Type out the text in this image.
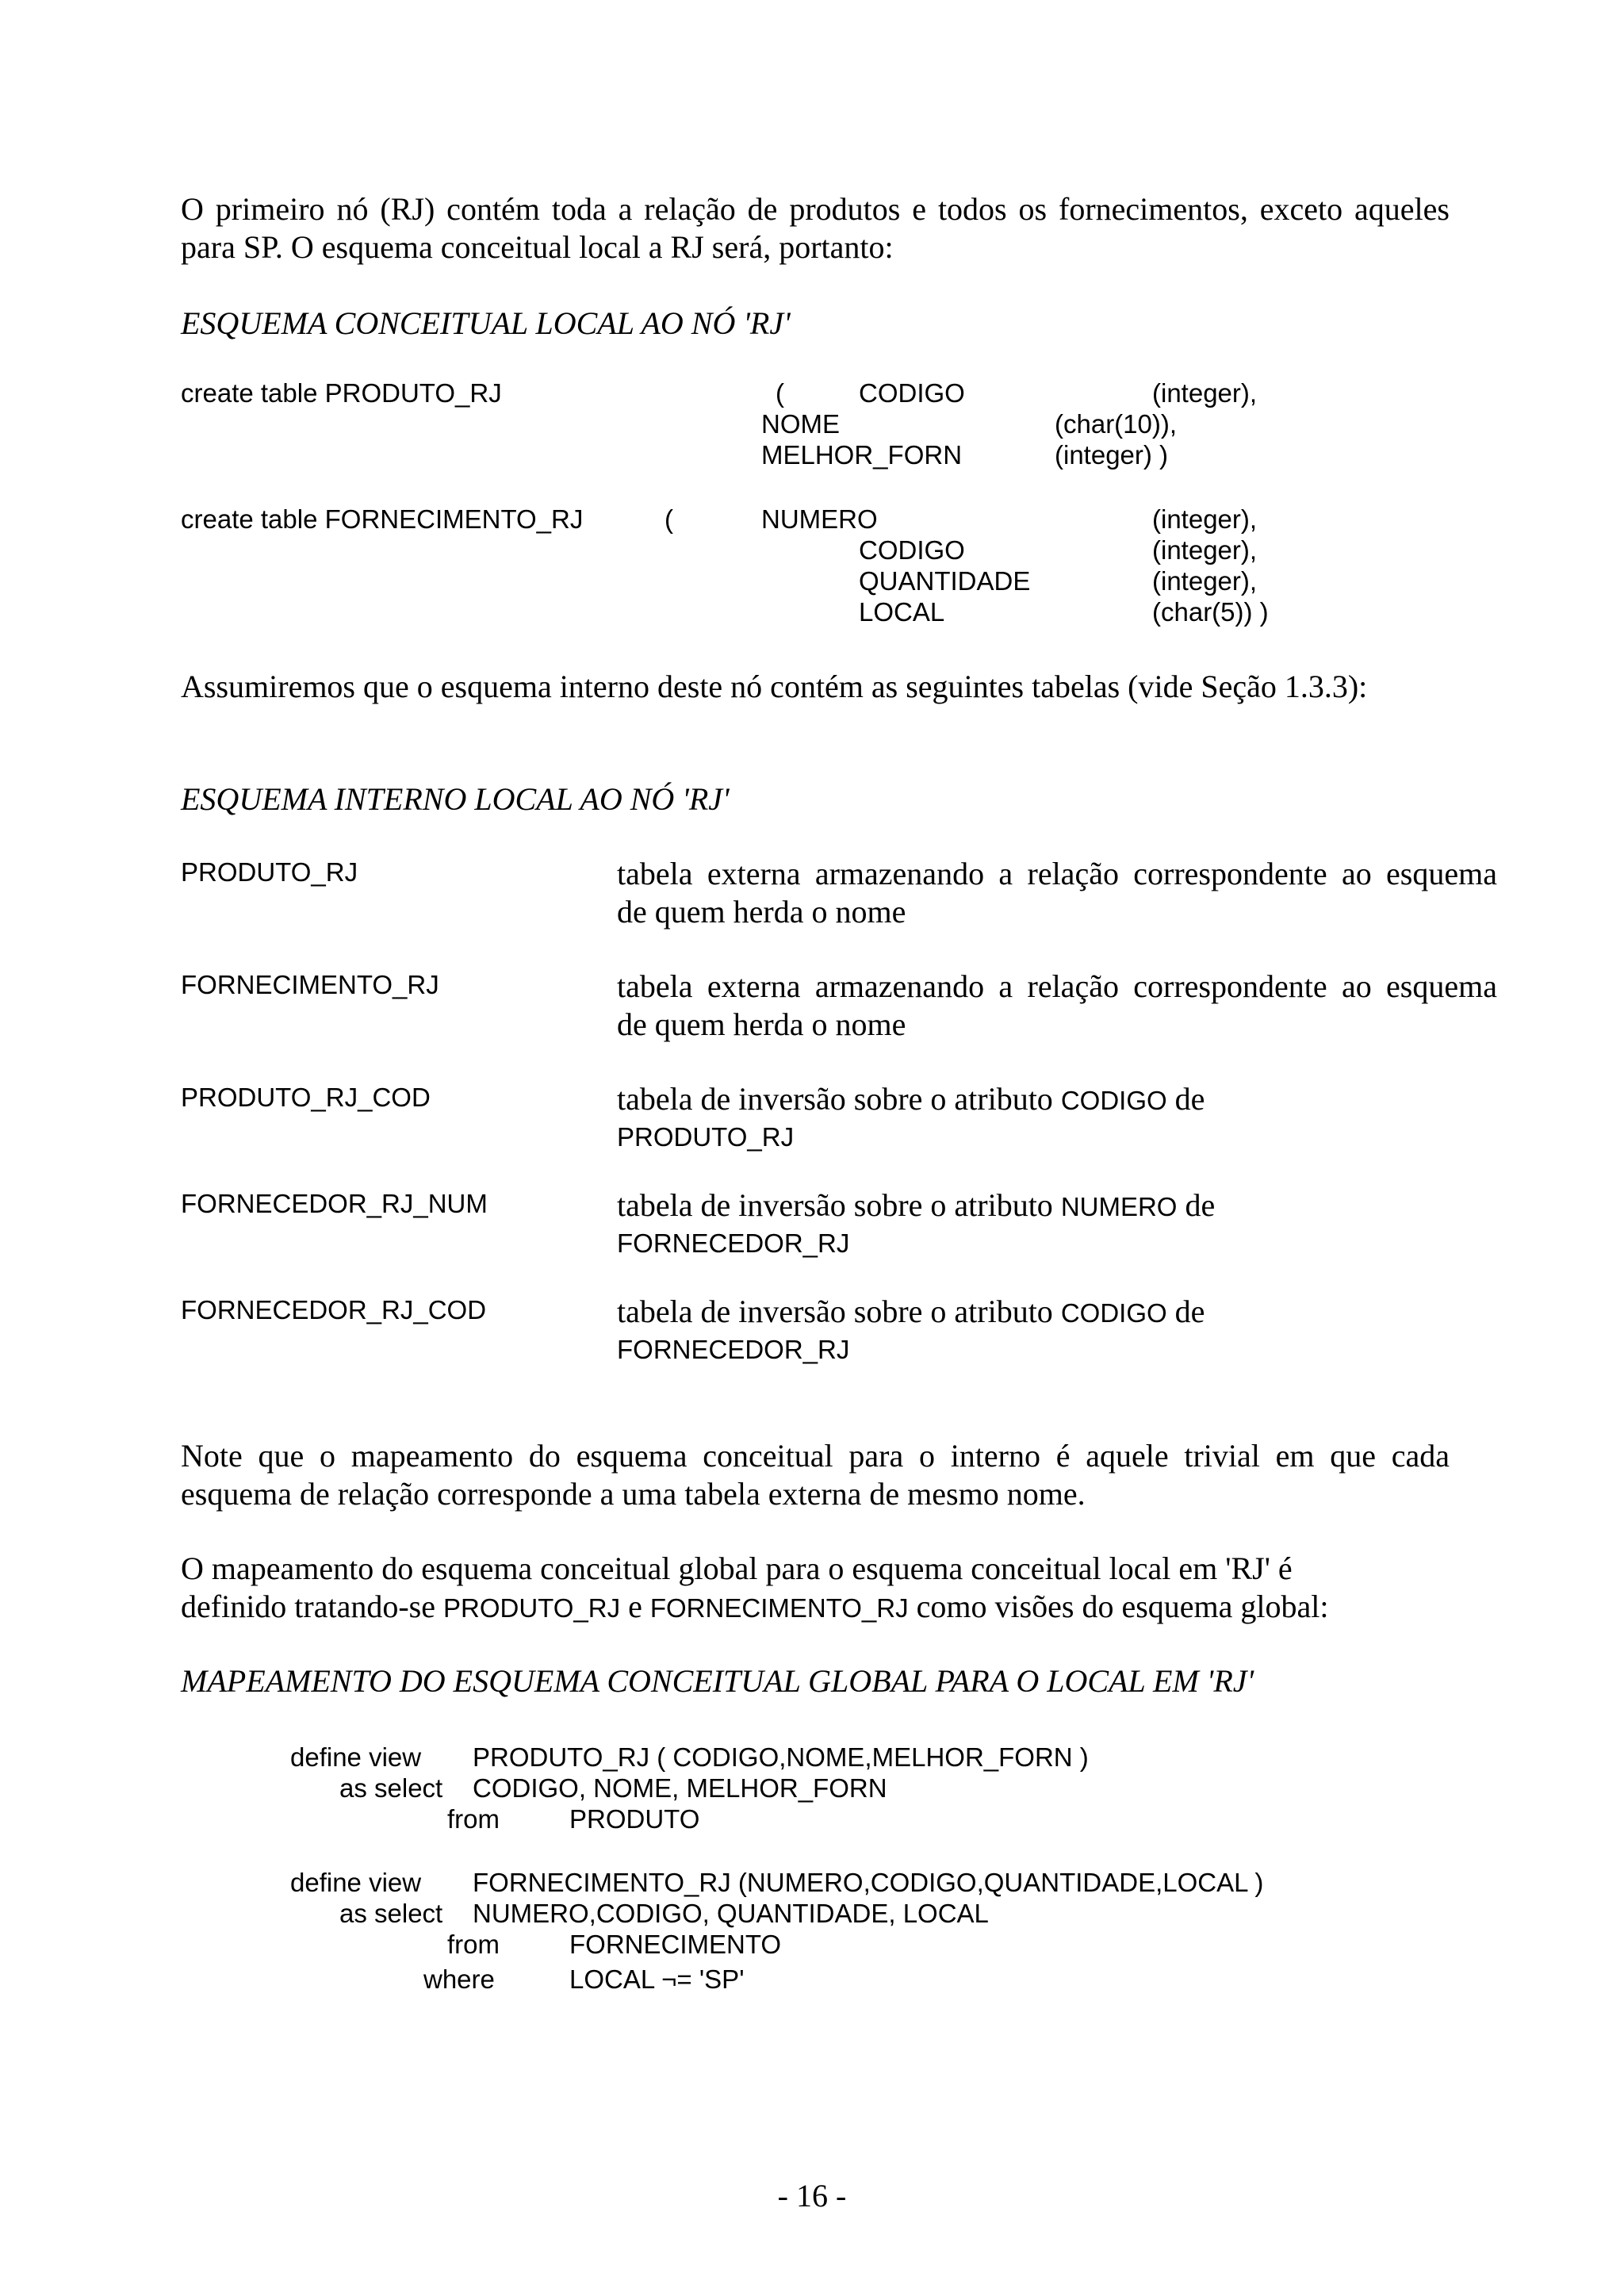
O primeiro nó (RJ) contém toda a relação de produtos e todos os fornecimentos, exceto aqueles

para SP. O esquema conceitual local a RJ será, portanto:

ESQUEMA CONCEITUAL LOCAL AO NÓ 'RJ'
create table PRODUTO_RJ	(	CODIGO	(integer),
NOME	(char(10)),
MELHOR_FORN	(integer) )
create table FORNECIMENTO_RJ	(	NUMERO	(integer),
CODIGO	(integer),
QUANTIDADE	(integer),
LOCAL	(char(5)) )
Assumiremos que o esquema interno deste nó contém as seguintes tabelas (vide Seção 1.3.3):
ESQUEMA INTERNO LOCAL AO NÓ 'RJ'
PRODUTO_RJ	tabela externa armazenando a relação correspondente ao esquema
de quem herda o nome
FORNECIMENTO_RJ	tabela externa armazenando a relação correspondente ao esquema
de quem herda o nome
PRODUTO_RJ_COD	tabela de inversão sobre o atributo CODIGO de
PRODUTO_RJ
FORNECEDOR_RJ_NUM	tabela de inversão sobre o atributo NUMERO de
FORNECEDOR_RJ
FORNECEDOR_RJ_COD	tabela de inversão sobre o atributo CODIGO de
FORNECEDOR_RJ

Note que o mapeamento do esquema conceitual para o interno é aquele trivial em que cada

esquema de relação corresponde a uma tabela externa de mesmo nome.

O mapeamento do esquema conceitual global para o esquema conceitual local em 'RJ' é

definido tratando-se PRODUTO_RJ e FORNECIMENTO_RJ como visões do esquema global:

MAPEAMENTO DO ESQUEMA CONCEITUAL GLOBAL PARA O LOCAL EM 'RJ'
define view PRODUTO_RJ ( CODIGO,NOME,MELHOR_FORN )
as select CODIGO, NOME, MELHOR_FORN
from	PRODUTO
define view FORNECIMENTO_RJ (NUMERO,CODIGO,QUANTIDADE,LOCAL )
as select NUMERO,CODIGO, QUANTIDADE, LOCAL
from	FORNECIMENTO
where	LOCAL ¬= 'SP'
- 16 -
